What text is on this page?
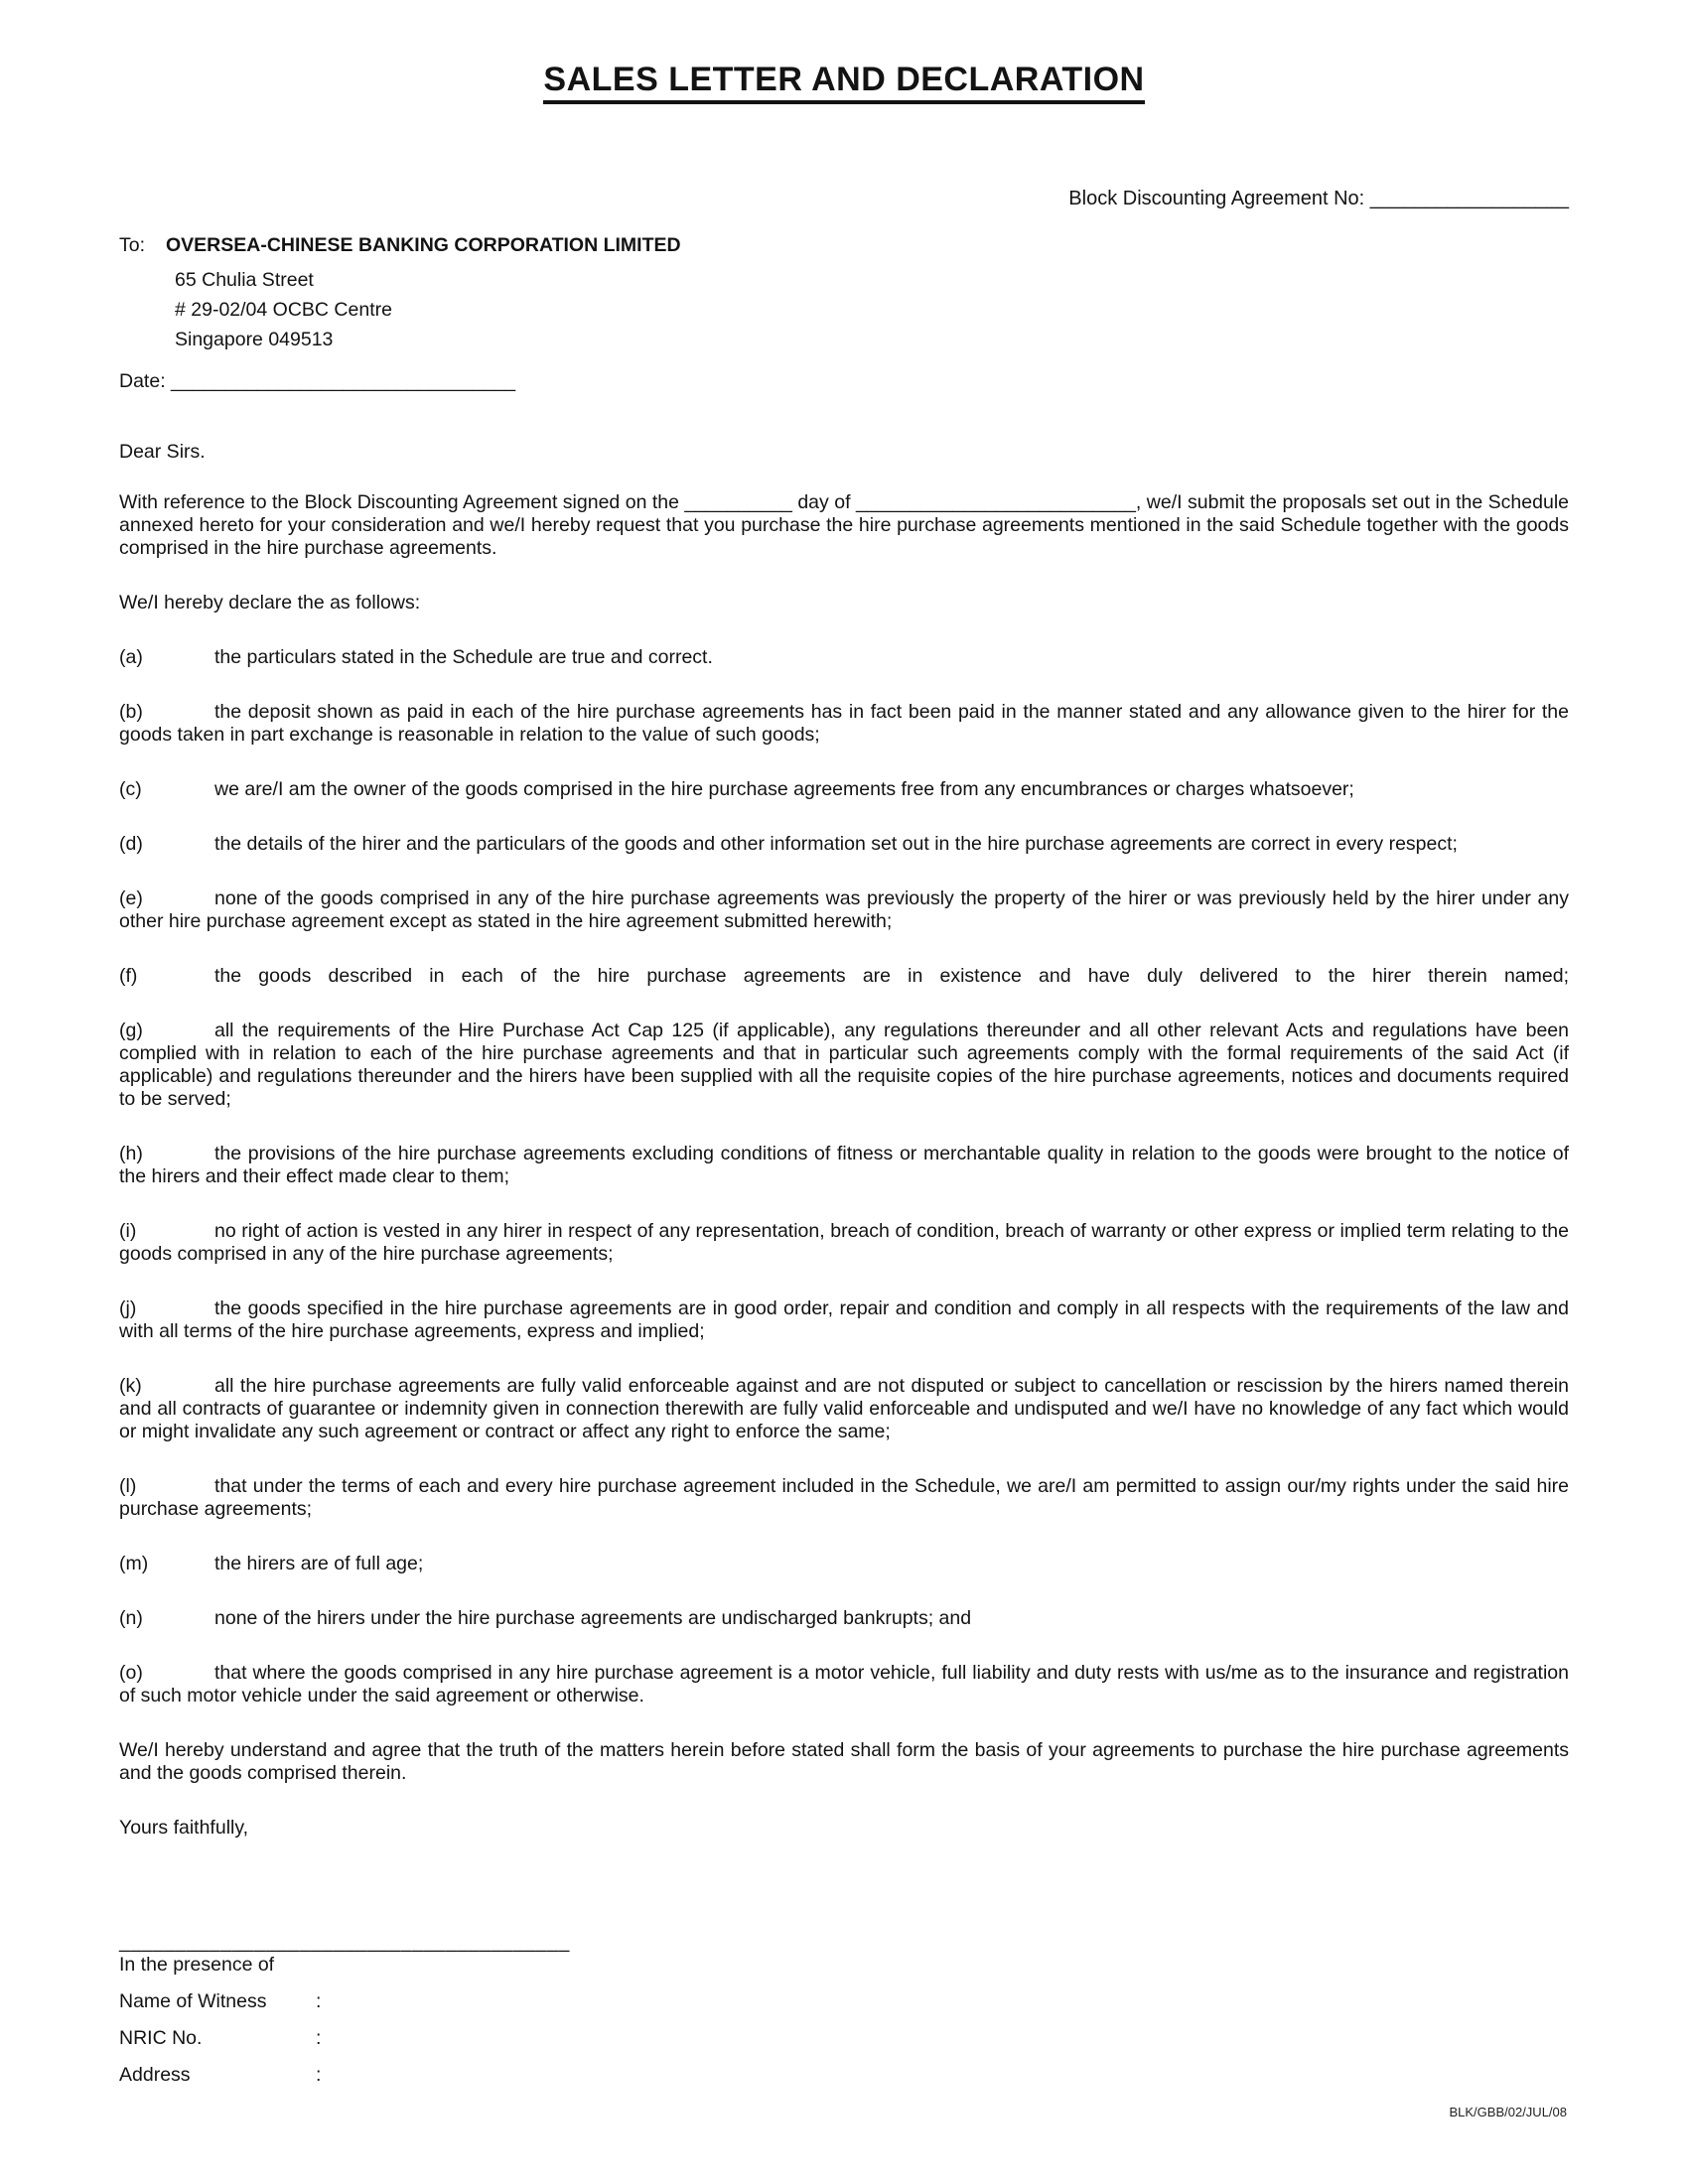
SALES LETTER AND DECLARATION
Block Discounting Agreement No: __________________
To: OVERSEA-CHINESE BANKING CORPORATION LIMITED
65 Chulia Street
# 29-02/04 OCBC Centre
Singapore 049513
Date: ________________________________

Dear Sirs.

With reference to the Block Discounting Agreement signed on the __________ day of __________________________, we/I submit the proposals set out in the Schedule annexed hereto for your consideration and we/I hereby request that you purchase the hire purchase agreements mentioned in the said Schedule together with the goods comprised in the hire purchase agreements.

We/I hereby declare the as follows:

(a)	the particulars stated in the Schedule are true and correct.

(b)	the deposit shown as paid in each of the hire purchase agreements has in fact been paid in the manner stated and any allowance given to the hirer for the goods taken in part exchange is reasonable in relation to the value of such goods;

(c)	we are/I am the owner of the goods comprised in the hire purchase agreements free from any encumbrances or charges whatsoever;

(d)	the details of the hirer and the particulars of the goods and other information set out in the hire purchase agreements are correct in every respect;

(e)	none of the goods comprised in any of the hire purchase agreements was previously the property of the hirer or was previously held by the hirer under any other hire purchase agreement except as stated in the hire agreement submitted herewith;

(f)	the goods described in each of the hire purchase agreements are in existence and have duly delivered to the hirer therein named;

(g)	all the requirements of the Hire Purchase Act Cap 125 (if applicable), any regulations thereunder and all other relevant Acts and regulations have been complied with in relation to each of the hire purchase agreements and that in particular such agreements comply with the formal requirements of the said Act (if applicable) and regulations thereunder and the hirers have been supplied with all the requisite copies of the hire purchase agreements, notices and documents required to be served;

(h)	the provisions of the hire purchase agreements excluding conditions of fitness or merchantable quality in relation to the goods were brought to the notice of the hirers and their effect made clear to them;

(i)	no right of action is vested in any hirer in respect of any representation, breach of condition, breach of warranty or other express or implied term relating to the goods comprised in any of the hire purchase agreements;

(j)	the goods specified in the hire purchase agreements are in good order, repair and condition and comply in all respects with the requirements of the law and with all terms of the hire purchase agreements, express and implied;

(k)	all the hire purchase agreements are fully valid enforceable against and are not disputed or subject to cancellation or rescission by the hirers named therein and all contracts of guarantee or indemnity given in connection therewith are fully valid enforceable and undisputed and we/I have no knowledge of any fact which would or might invalidate any such agreement or contract or affect any right to enforce the same;

(l)	that under the terms of each and every hire purchase agreement included in the Schedule, we are/I am permitted to assign our/my rights under the said hire purchase agreements;

(m)	the hirers are of full age;

(n)	none of the hirers under the hire purchase agreements are undischarged bankrupts; and

(o)	that where the goods comprised in any hire purchase agreement is a motor vehicle, full liability and duty rests with us/me as to the insurance and registration of such motor vehicle under the said agreement or otherwise.

We/I hereby understand and agree that the truth of the matters herein before stated shall form the basis of your agreements to purchase the hire purchase agreements and the goods comprised therein.

Yours faithfully,

________________________________________
In the presence of
Name of Witness	:
NRIC No.	:
Address	:
BLK/GBB/02/JUL/08
